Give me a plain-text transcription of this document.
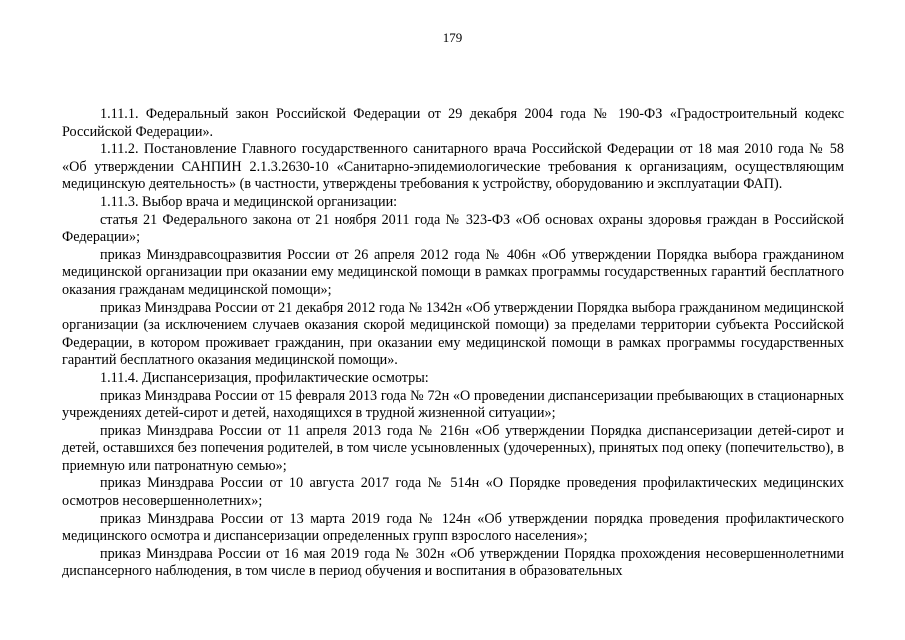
179

1.11.1. Федеральный закон Российской Федерации от 29 декабря 2004 года № 190-ФЗ «Градостроительный кодекс Российской Федерации».

1.11.2. Постановление Главного государственного санитарного врача Российской Федерации от 18 мая 2010 года № 58 «Об утверждении САНПИН 2.1.3.2630-10 «Санитарно-эпидемиологические требования к организациям, осуществляющим медицинскую деятельность» (в частности, утверждены требования к устройству, оборудованию и эксплуатации ФАП).

1.11.3. Выбор врача и медицинской организации:

статья 21 Федерального закона от 21 ноября 2011 года № 323-ФЗ «Об основах охраны здоровья граждан в Российской Федерации»;

приказ Минздравсоцразвития России от 26 апреля 2012 года № 406н «Об утверждении Порядка выбора гражданином медицинской организации при оказании ему медицинской помощи в рамках программы государственных гарантий бесплатного оказания гражданам медицинской помощи»;

приказ Минздрава России от 21 декабря 2012 года № 1342н «Об утверждении Порядка выбора гражданином медицинской организации (за исключением случаев оказания скорой медицинской помощи) за пределами территории субъекта Российской Федерации, в котором проживает гражданин, при оказании ему медицинской помощи в рамках программы государственных гарантий бесплатного оказания медицинской помощи».

1.11.4. Диспансеризация, профилактические осмотры:

приказ Минздрава России от 15 февраля 2013 года № 72н «О проведении диспансеризации пребывающих в стационарных учреждениях детей-сирот и детей, находящихся в трудной жизненной ситуации»;

приказ Минздрава России от 11 апреля 2013 года № 216н «Об утверждении Порядка диспансеризации детей-сирот и детей, оставшихся без попечения родителей, в том числе усыновленных (удочеренных), принятых под опеку (попечительство), в приемную или патронатную семью»;

приказ Минздрава России от 10 августа 2017 года № 514н «О Порядке проведения профилактических медицинских осмотров несовершеннолетних»;

приказ Минздрава России от 13 марта 2019 года № 124н «Об утверждении порядка проведения профилактического медицинского осмотра и диспансеризации определенных групп взрослого населения»;

приказ Минздрава России от 16 мая 2019 года № 302н «Об утверждении Порядка прохождения несовершеннолетними диспансерного наблюдения, в том числе в период обучения и воспитания в образовательных
